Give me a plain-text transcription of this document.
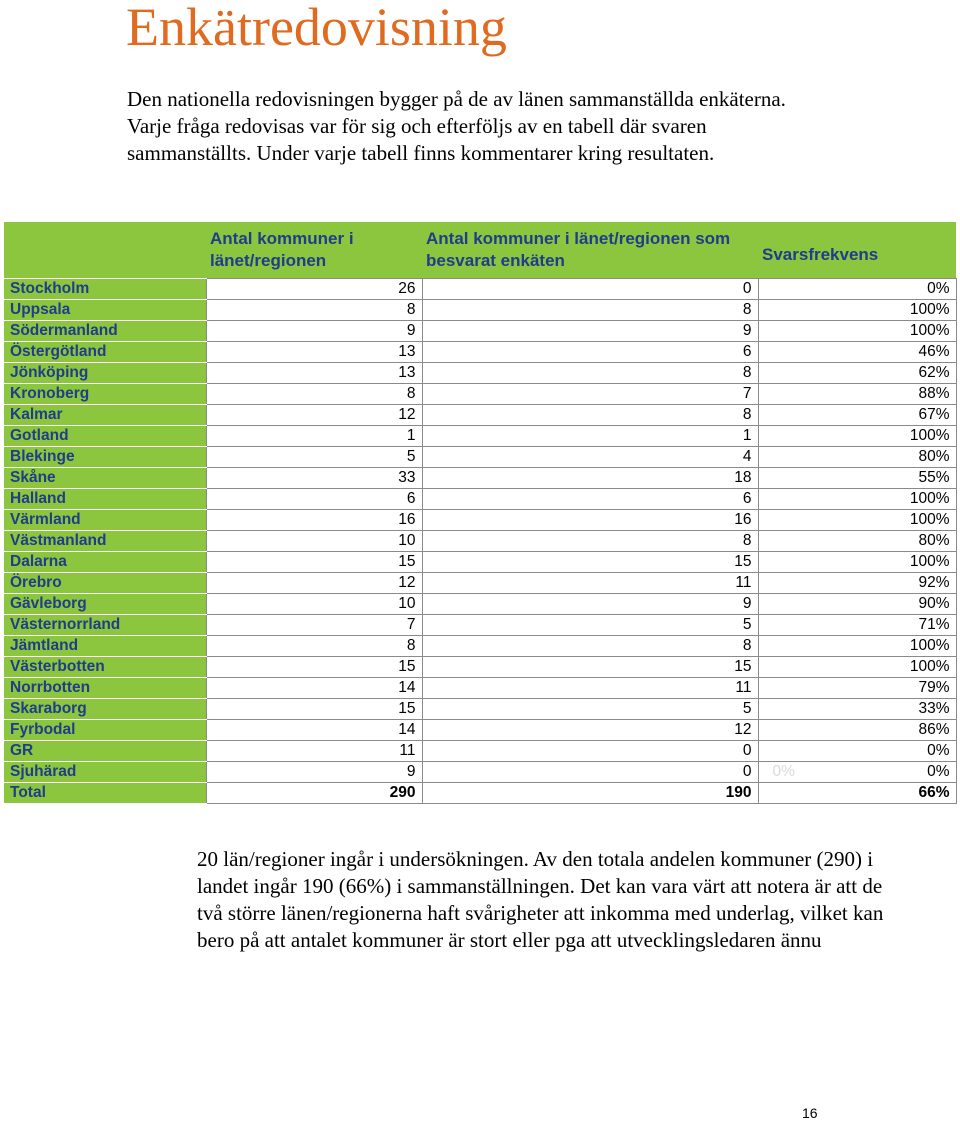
Enkätredovisning
Den nationella redovisningen bygger på de av länen sammanställda enkäterna. Varje fråga redovisas var för sig och efterföljs av en tabell där svaren sammanställts. Under varje tabell finns kommentarer kring resultaten.
	Antal kommuner i länet/regionen	Antal kommuner i länet/regionen som besvarat enkäten	Svarsfrekvens
Stockholm	26	0	0%
Uppsala	8	8	100%
Södermanland	9	9	100%
Östergötland	13	6	46%
Jönköping	13	8	62%
Kronoberg	8	7	88%
Kalmar	12	8	67%
Gotland	1	1	100%
Blekinge	5	4	80%
Skåne	33	18	55%
Halland	6	6	100%
Värmland	16	16	100%
Västmanland	10	8	80%
Dalarna	15	15	100%
Örebro	12	11	92%
Gävleborg	10	9	90%
Västernorrland	7	5	71%
Jämtland	8	8	100%
Västerbotten	15	15	100%
Norrbotten	14	11	79%
Skaraborg	15	5	33%
Fyrbodal	14	12	86%
GR	11	0	0%
Sjuhärad	9	0	0% 0%
Total	290	190	66%
20 län/regioner ingår i undersökningen. Av den totala andelen kommuner (290) i landet ingår 190 (66%) i sammanställningen. Det kan vara värt att notera är att de två större länen/regionerna haft svårigheter att inkomma med underlag, vilket kan bero på att antalet kommuner är stort eller pga att utvecklingsledaren ännu
16
